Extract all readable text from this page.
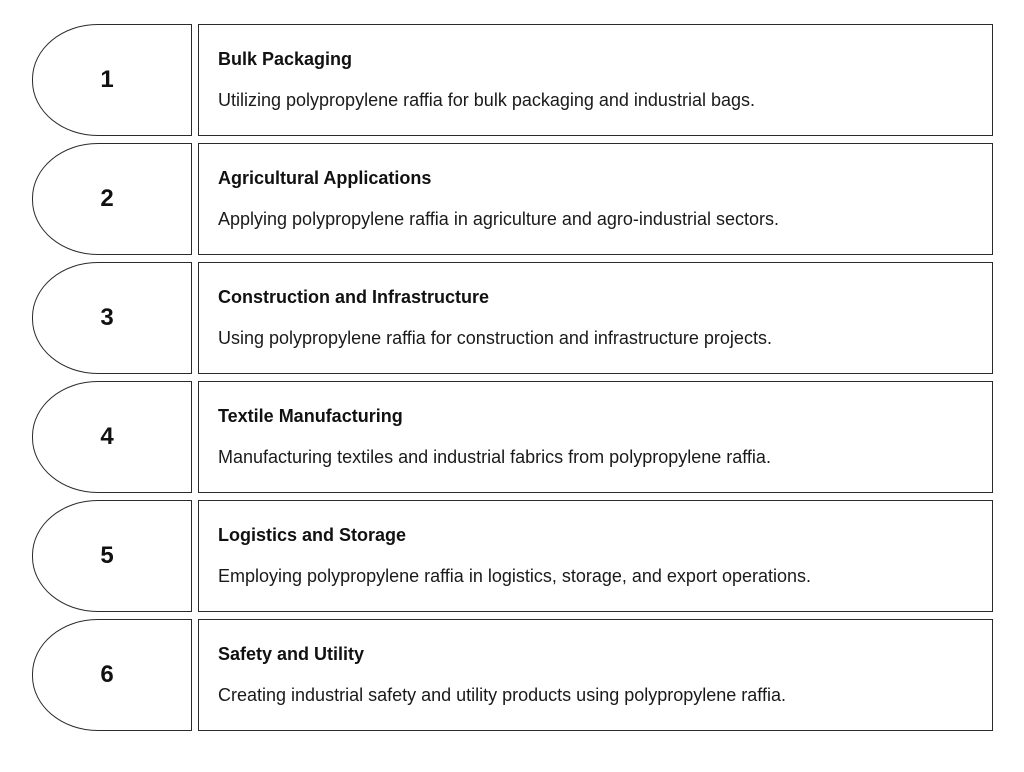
1
Bulk Packaging
Utilizing polypropylene raffia for bulk packaging and industrial bags.
2
Agricultural Applications
Applying polypropylene raffia in agriculture and agro-industrial sectors.
3
Construction and Infrastructure
Using polypropylene raffia for construction and infrastructure projects.
4
Textile Manufacturing
Manufacturing textiles and industrial fabrics from polypropylene raffia.
5
Logistics and Storage
Employing polypropylene raffia in logistics, storage, and export operations.
6
Safety and Utility
Creating industrial safety and utility products using polypropylene raffia.
